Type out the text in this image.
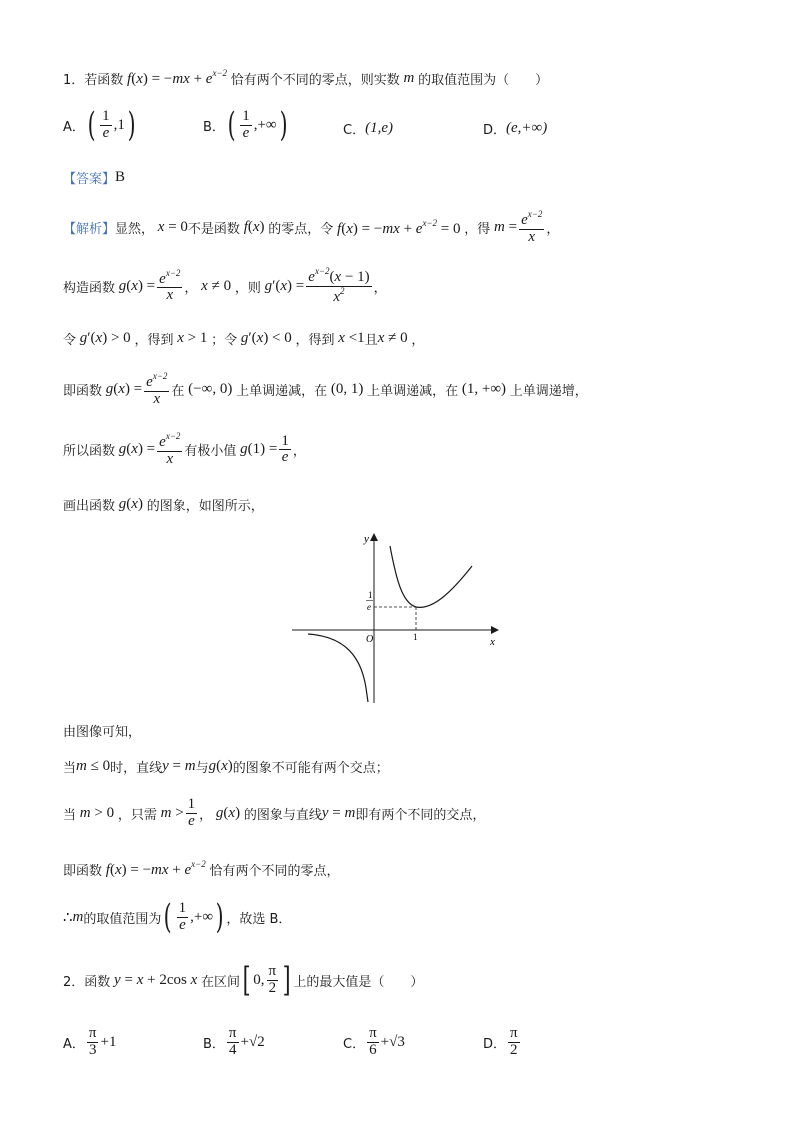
1． 若函数 $f(x) = -mx + e^{x-2}$ 恰有两个不同的零点，则实数 m 的取值范围为（　　）
A． ( $\frac{1}{e} ,1$ )	B． ( $\frac{1}{e}$ ,+∞ )	C． (1,e)	D． (e,+∞)
【答案】 B
【解析】 显然， x = 0 不是函数 f(x) 的零点，令 $f(x) = -mx + e^{x-2} = 0$ ，得 $m = \frac{e^{x-2}}{x}$ ，
构造函数 $g(x) = \frac{e^{x-2}}{x}$ ， x ≠ 0 ，则 $g'(x) = \frac{e^{x-2}(x - 1)}{x^2}$ ，
令 g′(x) > 0 ，得到 x > 1 ；令 g′(x) < 0 ，得到 x <1 且 x ≠ 0 ，
即函数 $g(x) = \frac{e^{x-2}}{x}$ 在 (−∞, 0) 上单调递减，在 (0, 1) 上单调递减，在 (1, +∞) 上单调递增，
所以函数 $g(x) = \frac{e^{x-2}}{x}$ 有极小值 $g(1) = \frac{1}{e}$ ，
画出函数 g(x) 的图象，如图所示，
y
x
O	1
1
e
由图像可知，
当 m ≤ 0 时，直线 y = m 与 g(x) 的图象不可能有两个交点；
当 m > 0 ，只需 $m > \frac{1}{e}$ ， g(x) 的图象与直线 y = m 即有两个不同的交点，
即函数 $f(x) = -mx + e^{x-2}$ 恰有两个不同的零点，
∴ m 的取值范围为 ( $\frac{1}{e}$ ,+∞ ) ，故选 B．
2． 函数 y = x + 2cos x 在区间 [ 0, $\frac{\pi}{2}$ ] 上的最大值是（　　）
A． $\frac{\pi}{3} +1$	B． $\frac{\pi}{4} +√2$	C． $\frac{\pi}{6} +√3$	D． $\frac{\pi}{2}$
